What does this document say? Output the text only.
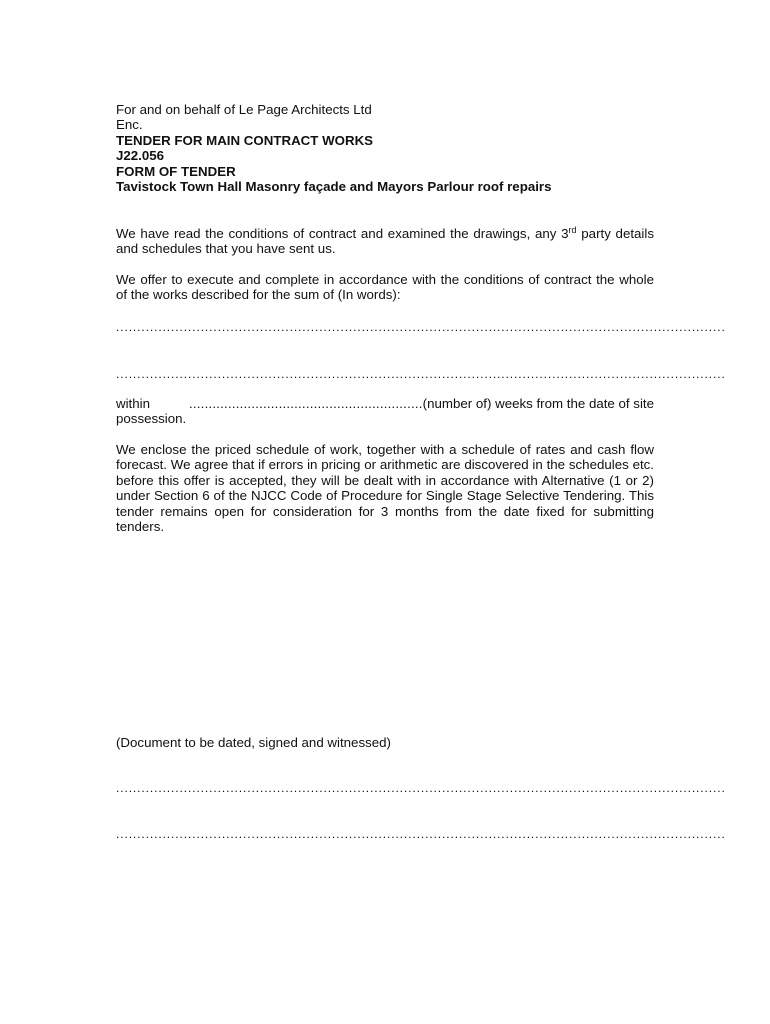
For and on behalf of Le Page Architects Ltd
Enc.
TENDER FOR MAIN CONTRACT WORKS
J22.056
FORM OF TENDER
Tavistock Town Hall Masonry façade and Mayors Parlour roof repairs
We have read the conditions of contract and examined the drawings, any 3rd party details and schedules that you have sent us.
We offer to execute and complete in accordance with the conditions of contract the whole of the works described for the sum of (In words):
................................................................................................................................................
................................................................................................................................................
within	............................................................(number of) weeks from the date of site
possession.
We enclose the priced schedule of work, together with a schedule of rates and cash flow forecast. We agree that if errors in pricing or arithmetic are discovered in the schedules etc. before this offer is accepted, they will be dealt with in accordance with Alternative (1 or 2) under Section 6 of the NJCC Code of Procedure for Single Stage Selective Tendering. This tender remains open for consideration for 3 months from the date fixed for submitting tenders.
(Document to be dated, signed and witnessed)
................................................................................................................................................
................................................................................................................................................
